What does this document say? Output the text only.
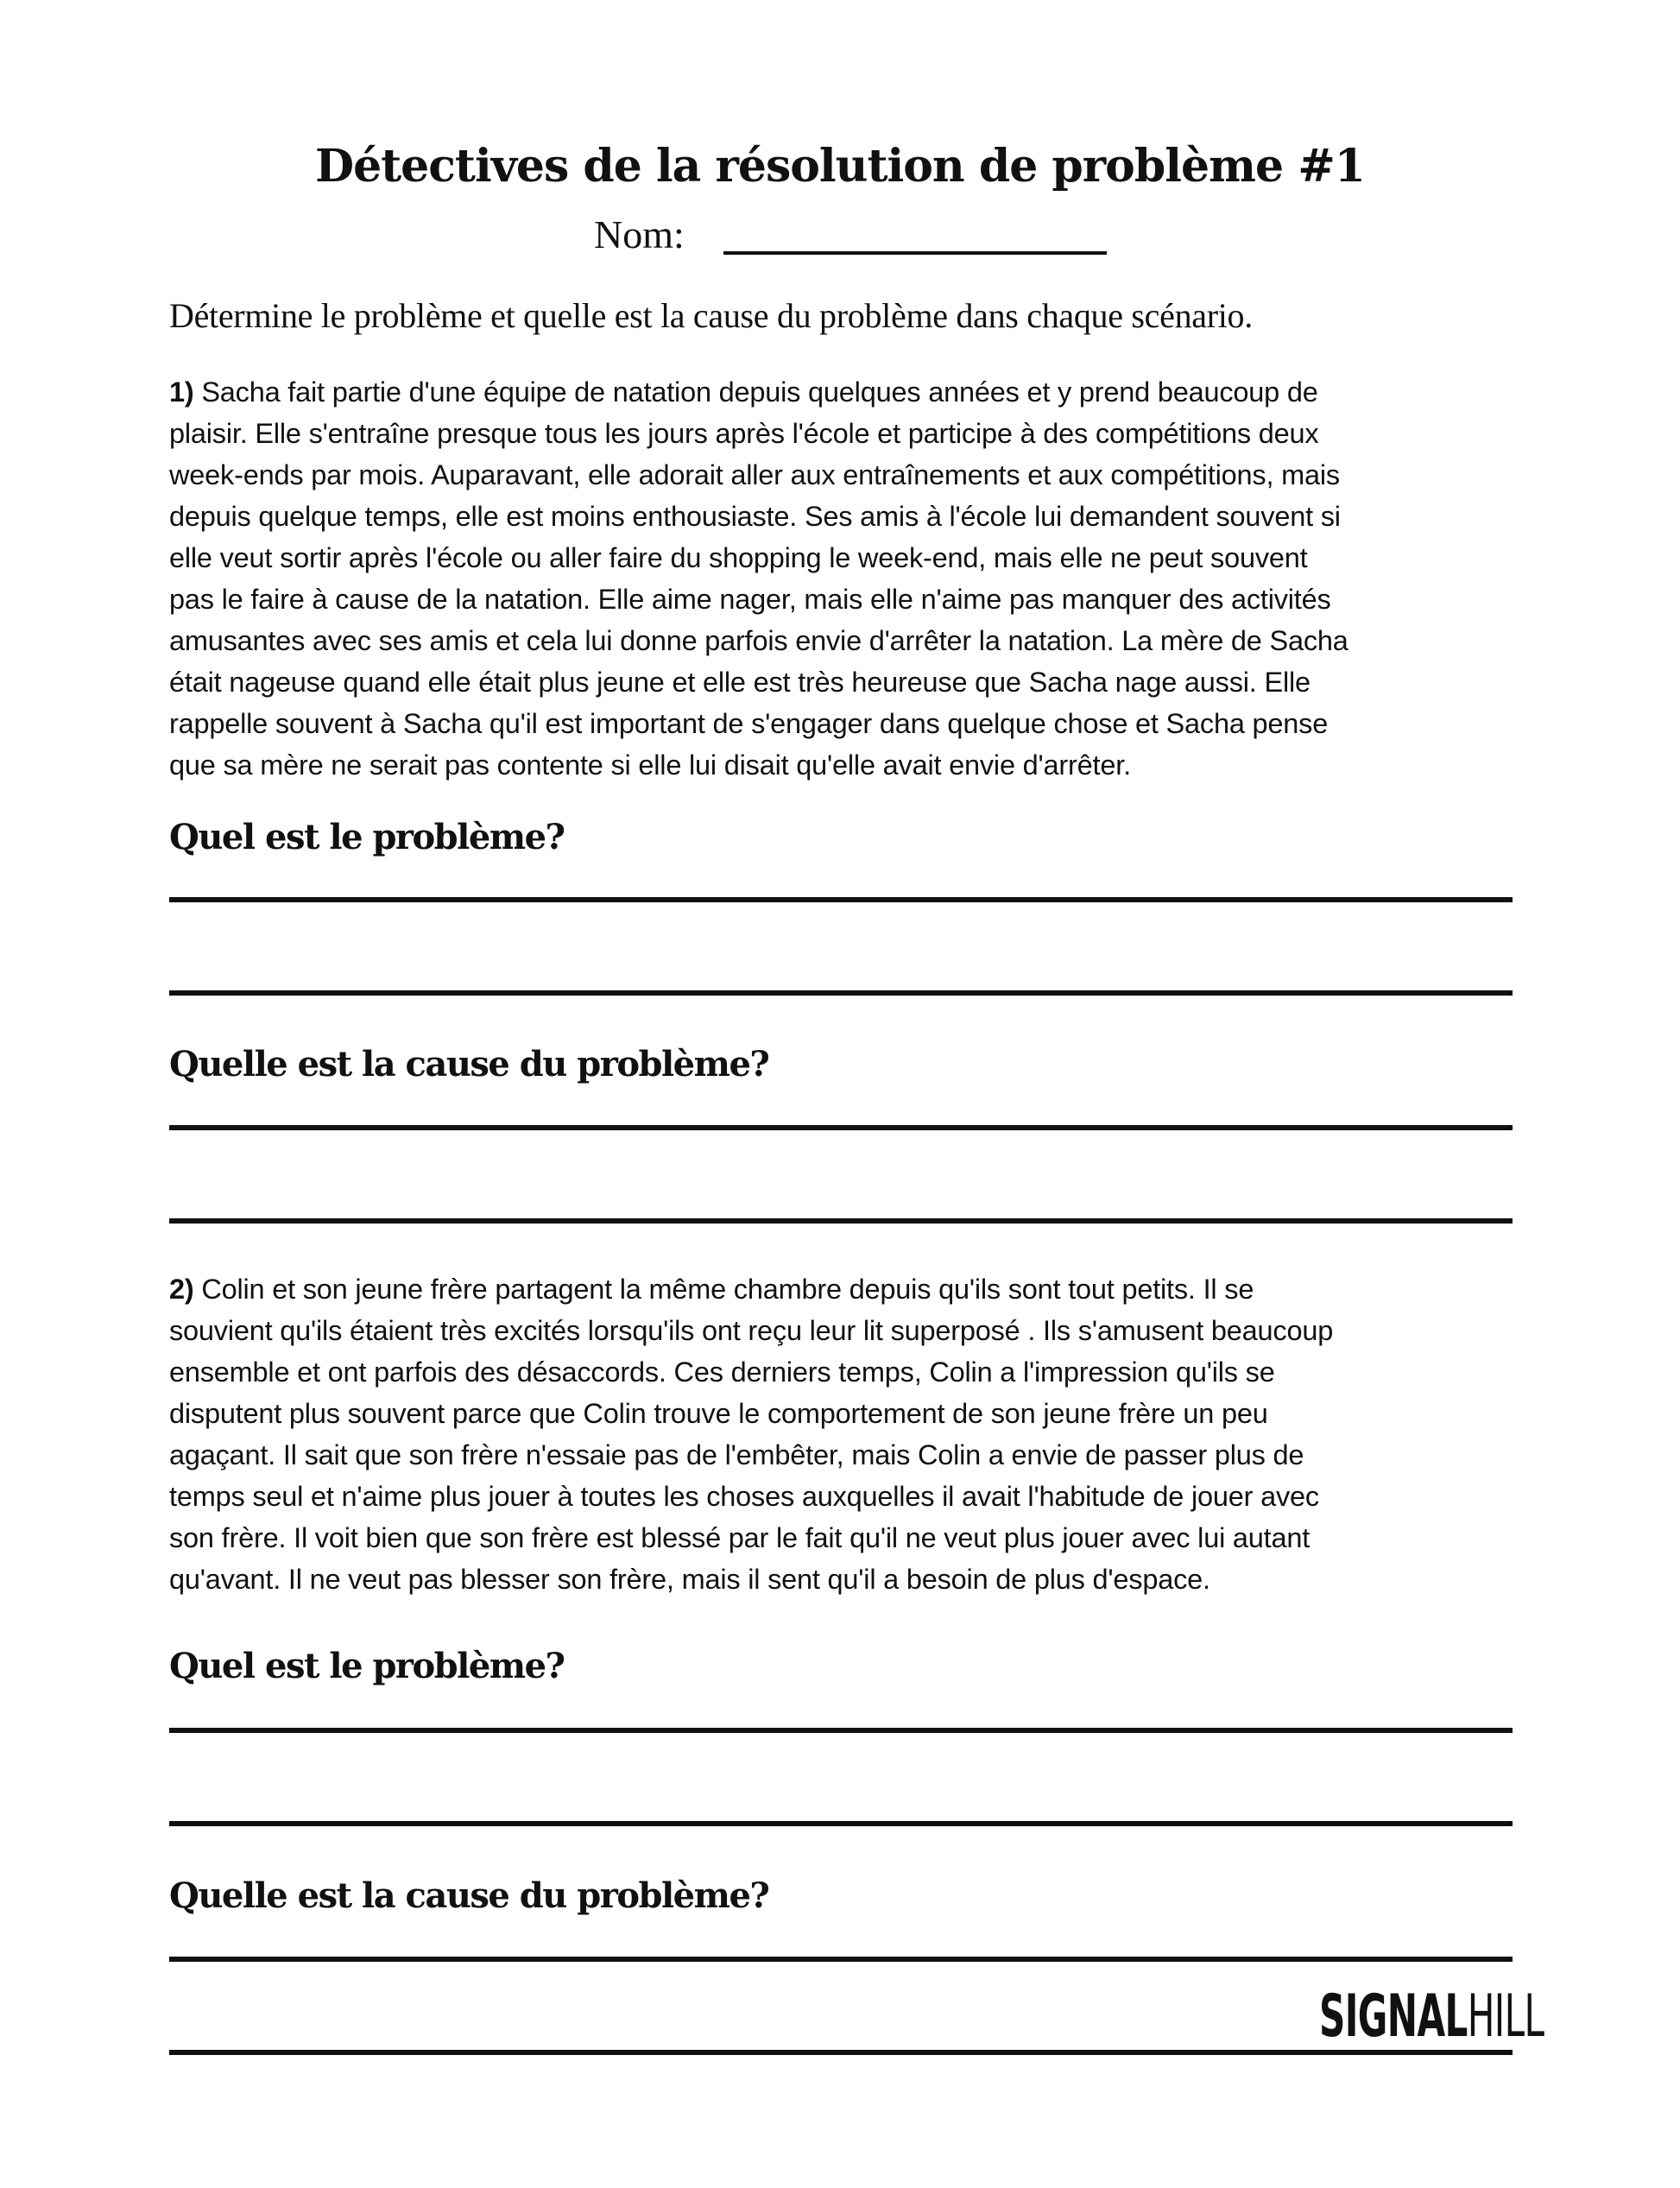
Détectives de la résolution de problème #1
Nom:
Détermine le problème et quelle est la cause du problème dans chaque scénario.
1) Sacha fait partie d'une équipe de natation depuis quelques années et y prend beaucoup de
plaisir. Elle s'entraîne presque tous les jours après l'école et participe à des compétitions deux
week-ends par mois. Auparavant, elle adorait aller aux entraînements et aux compétitions, mais
depuis quelque temps, elle est moins enthousiaste. Ses amis à l'école lui demandent souvent si
elle veut sortir après l'école ou aller faire du shopping le week-end, mais elle ne peut souvent
pas le faire à cause de la natation. Elle aime nager, mais elle n'aime pas manquer des activités
amusantes avec ses amis et cela lui donne parfois envie d'arrêter la natation. La mère de Sacha
était nageuse quand elle était plus jeune et elle est très heureuse que Sacha nage aussi. Elle
rappelle souvent à Sacha qu'il est important de s'engager dans quelque chose et Sacha pense
que sa mère ne serait pas contente si elle lui disait qu'elle avait envie d'arrêter.
Quel est le problème?
Quelle est la cause du problème?
2) Colin et son jeune frère partagent la même chambre depuis qu'ils sont tout petits. Il se
souvient qu'ils étaient très excités lorsqu'ils ont reçu leur lit superposé . Ils s'amusent beaucoup
ensemble et ont parfois des désaccords. Ces derniers temps, Colin a l'impression qu'ils se
disputent plus souvent parce que Colin trouve le comportement de son jeune frère un peu
agaçant. Il sait que son frère n'essaie pas de l'embêter, mais Colin a envie de passer plus de
temps seul et n'aime plus jouer à toutes les choses auxquelles il avait l'habitude de jouer avec
son frère. Il voit bien que son frère est blessé par le fait qu'il ne veut plus jouer avec lui autant
qu'avant. Il ne veut pas blesser son frère, mais il sent qu'il a besoin de plus d'espace.
Quel est le problème?
Quelle est la cause du problème?
SIGNAL HILL
